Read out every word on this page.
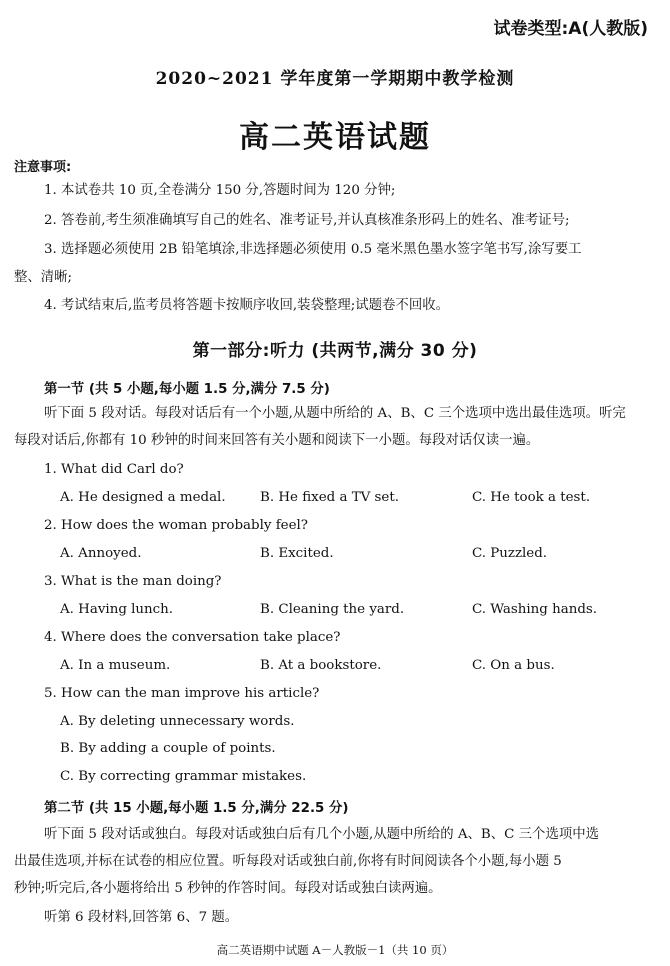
试卷类型:A(人教版)
2020~2021 学年度第一学期期中教学检测
高二英语试题
注意事项:
1. 本试卷共 10 页,全卷满分 150 分,答题时间为 120 分钟;
2. 答卷前,考生须准确填写自己的姓名、准考证号,并认真核准条形码上的姓名、准考证号;
3. 选择题必须使用 2B 铅笔填涂,非选择题必须使用 0.5 毫米黑色墨水签字笔书写,涂写要工
整、清晰;
4. 考试结束后,监考员将答题卡按顺序收回,装袋整理;试题卷不回收。
第一部分:听力 (共两节,满分 30 分)
第一节 (共 5 小题,每小题 1.5 分,满分 7.5 分)
听下面 5 段对话。每段对话后有一个小题,从题中所给的 A、B、C 三个选项中选出最佳选项。听完
每段对话后,你都有 10 秒钟的时间来回答有关小题和阅读下一小题。每段对话仅读一遍。
1. What did Carl do?
A. He designed a medal.	B. He fixed a TV set.	C. He took a test.
2. How does the woman probably feel?
A. Annoyed.	B. Excited.	C. Puzzled.
3. What is the man doing?
A. Having lunch.	B. Cleaning the yard.	C. Washing hands.
4. Where does the conversation take place?
A. In a museum.	B. At a bookstore.	C. On a bus.
5. How can the man improve his article?
A. By deleting unnecessary words.
B. By adding a couple of points.
C. By correcting grammar mistakes.
第二节 (共 15 小题,每小题 1.5 分,满分 22.5 分)
听下面 5 段对话或独白。每段对话或独白后有几个小题,从题中所给的 A、B、C 三个选项中选
出最佳选项,并标在试卷的相应位置。听每段对话或独白前,你将有时间阅读各个小题,每小题 5
秒钟;听完后,各小题将给出 5 秒钟的作答时间。每段对话或独白读两遍。
听第 6 段材料,回答第 6、7 题。
高二英语期中试题 A－人教版－1（共 10 页）
